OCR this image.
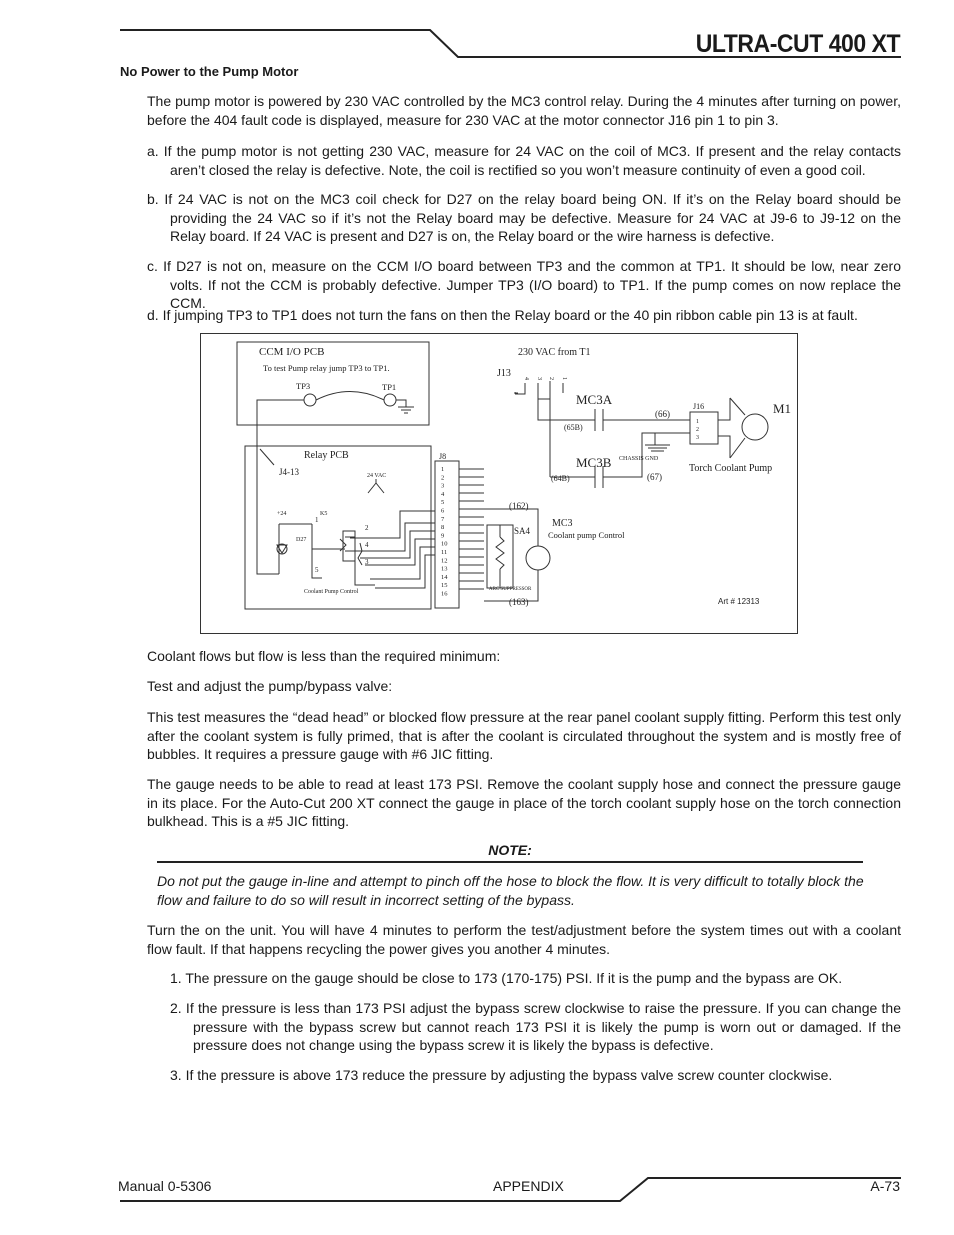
ULTRA-CUT 400 XT
No Power to the Pump Motor
The pump motor is powered by 230 VAC controlled by the MC3 control relay. During the 4 minutes after turning on power, before the 404 fault code is displayed, measure for 230 VAC at the motor connector J16 pin 1 to pin 3.
a. If the pump motor is not getting 230 VAC, measure for 24 VAC on the coil of MC3. If present and the relay contacts aren’t closed the relay is defective. Note, the coil is rectified so you won’t measure continuity of even a good coil.
b. If 24 VAC is not on the MC3 coil check for D27 on the relay board being ON. If it’s on the Relay board should be providing the 24 VAC so if it’s not the Relay board may be defective. Measure for 24 VAC at J9-6 to J9-12 on the Relay board. If 24 VAC is present and D27 is on, the Relay board or the wire harness is defective.
c. If D27 is not on, measure on the CCM I/O board between TP3 and the common at TP1. It should be low, near zero volts. If not the CCM is probably defective. Jumper TP3 (I/O board) to TP1. If the pump comes on now replace the CCM.
d. If jumping TP3 to TP1 does not turn the fans on then the Relay board or the 40 pin ribbon cable pin 13 is at fault.
CCM I/O PCB
To test Pump relay jump TP3 to TP1.
TP3	TP1
230 VAC from T1
J13 4 3 2 1
MC3A
MC3B
(66)
(65B)
(64B)	(67)
CHASSIS GND
J16
1
2
3
M1
Torch Coolant Pump
Relay PCB
J4-13	24 VAC
J8
1
2
3
4
5
6
7
8
9
10
11
12
13
14
15
16
+24	K5
D27
1
2
4
3
5
Coolant Pump Control
(162)
(163)
SA4
ARC SUPPRESSOR
MC3
Coolant pump Control
Art # 12313
Coolant flows but flow is less than the required minimum:
Test and adjust the pump/bypass valve:
This test measures the “dead head” or blocked flow pressure at the rear panel coolant supply fitting. Perform this test only after the coolant system is fully primed, that is after the coolant is circulated throughout the system and is mostly free of bubbles. It requires a pressure gauge with #6 JIC fitting.
The gauge needs to be able to read at least 173 PSI. Remove the coolant supply hose and connect the pressure gauge in its place. For the Auto-Cut 200 XT connect the gauge in place of the torch coolant supply hose on the torch connection bulkhead. This is a #5 JIC fitting.
NOTE:
Do not put the gauge in-line and attempt to pinch off the hose to block the flow. It is very difficult to totally block the flow and failure to do so will result in incorrect setting of the bypass.
Turn the on the unit. You will have 4 minutes to perform the test/adjustment before the system times out with a coolant flow fault. If that happens recycling the power gives you another 4 minutes.
1. The pressure on the gauge should be close to 173 (170-175) PSI. If it is the pump and the bypass are OK.
2. If the pressure is less than 173 PSI adjust the bypass screw clockwise to raise the pressure. If you can change the pressure with the bypass screw but cannot reach 173 PSI it is likely the pump is worn out or damaged. If the pressure does not change using the bypass screw it is likely the bypass is defective.
3. If the pressure is above 173 reduce the pressure by adjusting the bypass valve screw counter clockwise.
Manual 0-5306	APPENDIX	A-73
